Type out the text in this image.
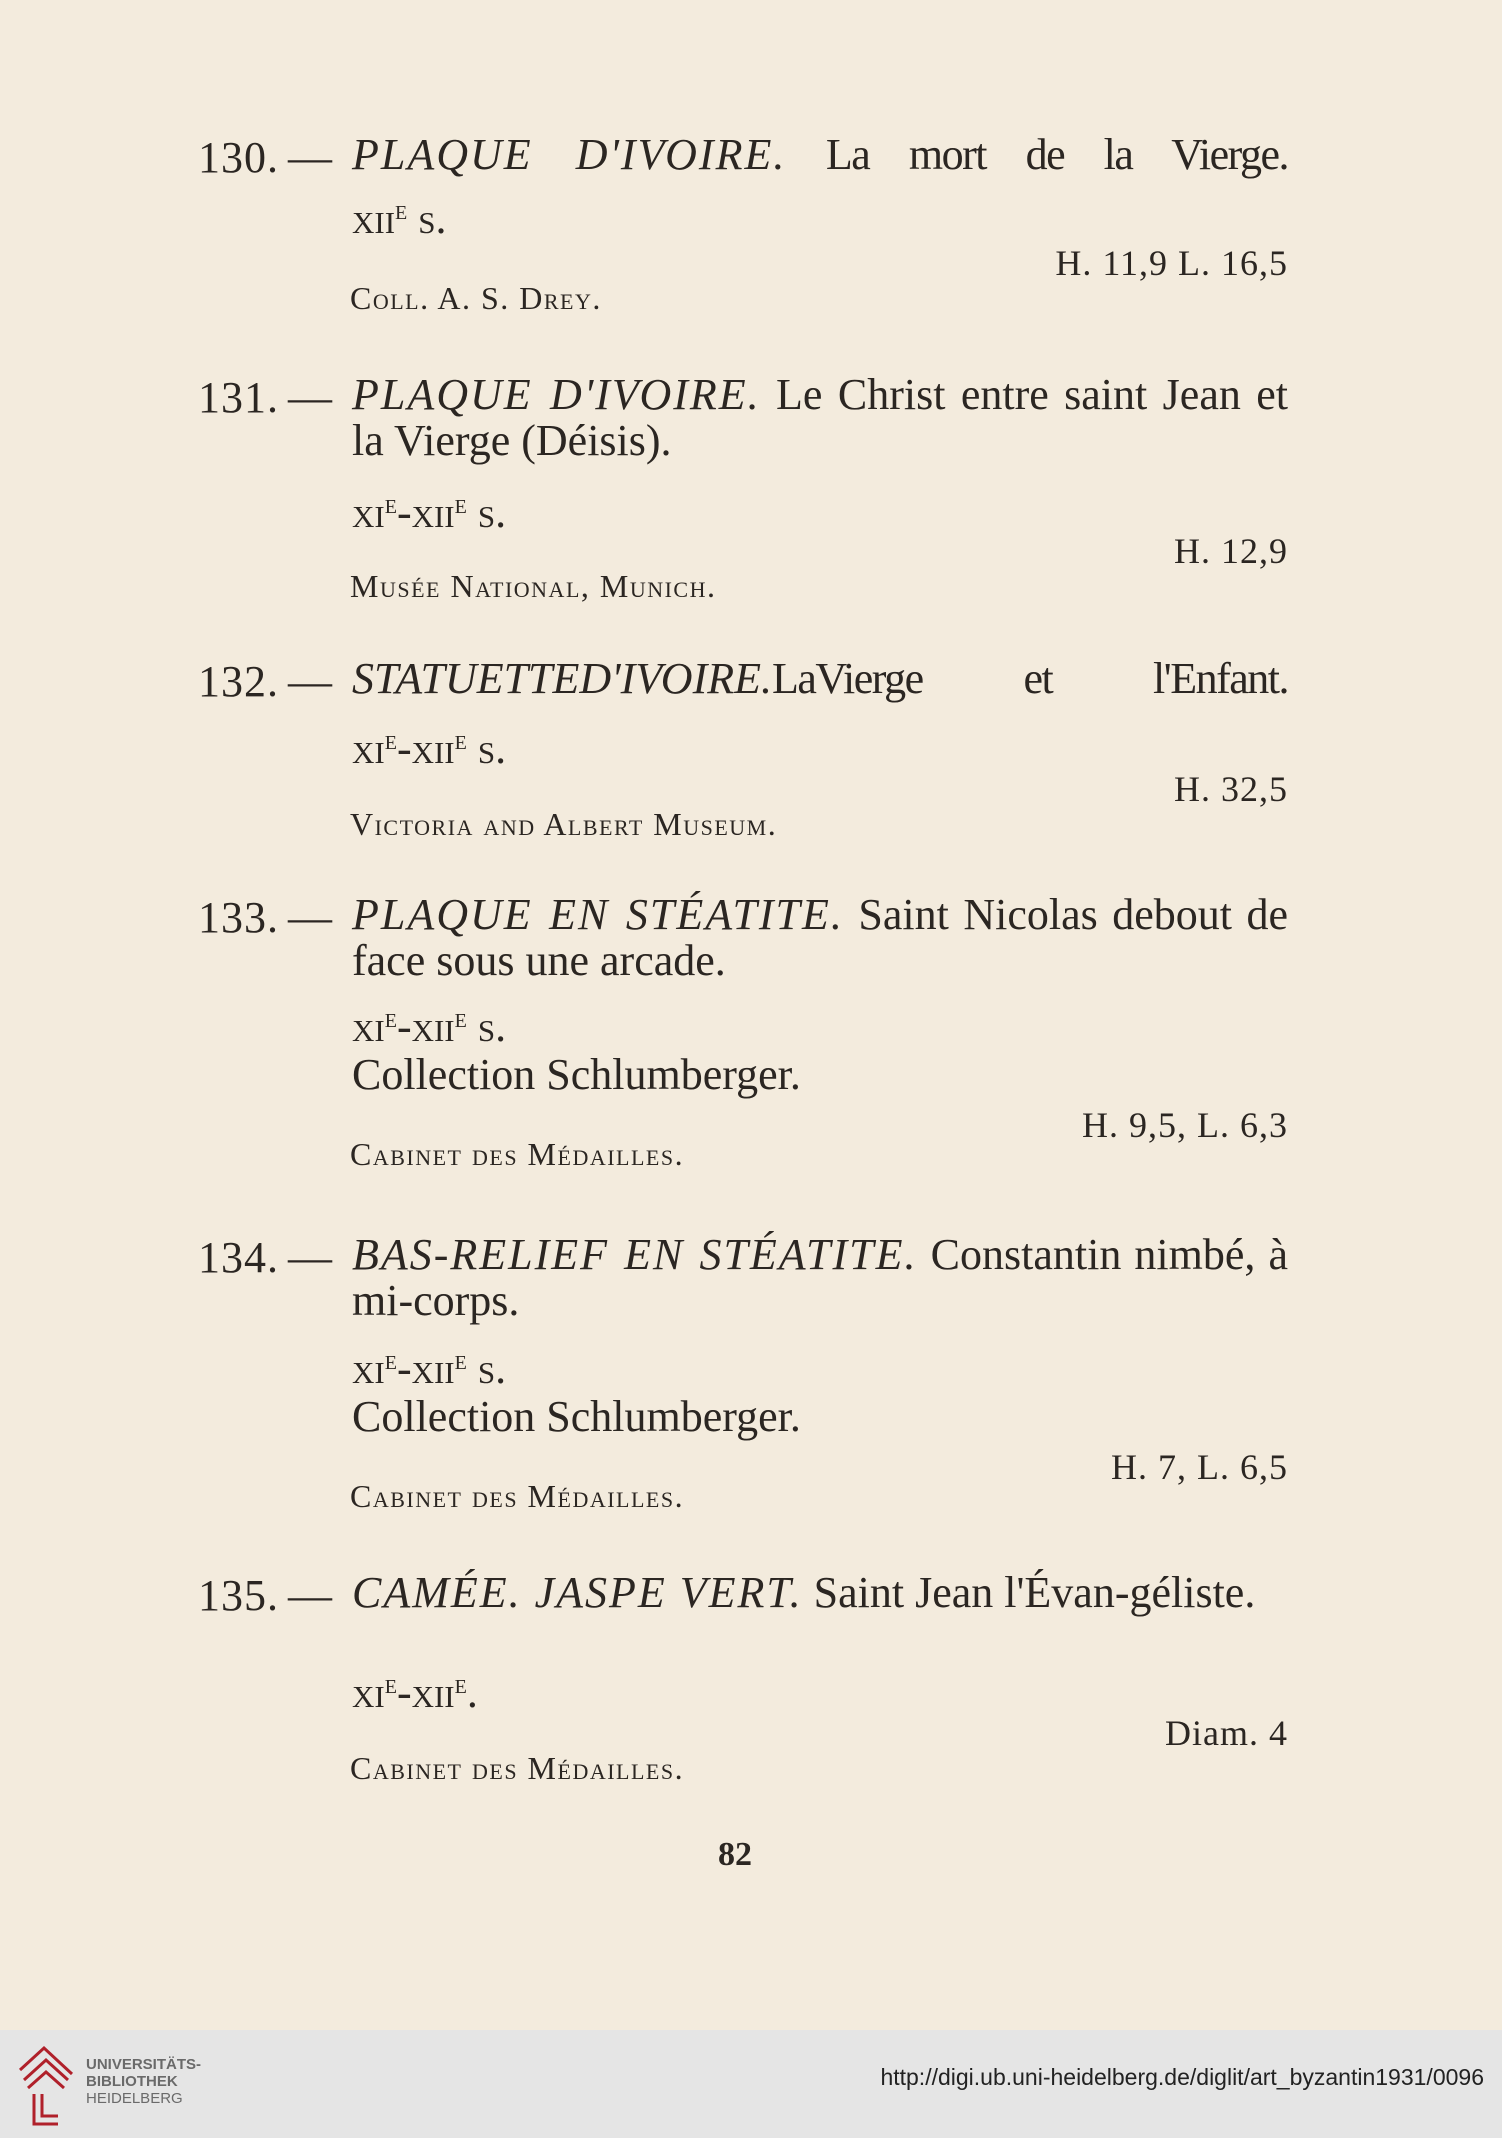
130. — PLAQUE D'IVOIRE. La mort de la Vierge.
xii$^e$ s.
H. 11,9 L. 16,5
Coll. A. S. Drey.
131. — PLAQUE D'IVOIRE. Le Christ entre saint Jean et la Vierge (Déisis).
$xi^e-xii^e$ s.
H. 12,9
Musée National, Munich.
132. — STATUETTED'IVOIRE.LaVierge et l'Enfant.
$xi^e-xii^e$ s.
H. 32,5
Victoria and Albert Museum.
133. — PLAQUE EN STÉATITE. Saint Nicolas debout de face sous une arcade.
$xi^e-xii^e$ s.
Collection Schlumberger.
H. 9,5, L. 6,3
Cabinet des Médailles.
134. — BAS-RELIEF EN STÉATITE. Constantin nimbé, à mi-corps.
$xi^e-xii^e$ s.
Collection Schlumberger.
H. 7, L. 6,5
Cabinet des Médailles.
135. — CAMÉE. JASPE VERT. Saint Jean l'Évan-géliste.
$xi^e-xii^e$.
Diam. 4
Cabinet des Médailles.
82
UNIVERSITÄTS-
BIBLIOTHEK
HEIDELBERG
http://digi.ub.uni-heidelberg.de/diglit/art_byzantin1931/0096
